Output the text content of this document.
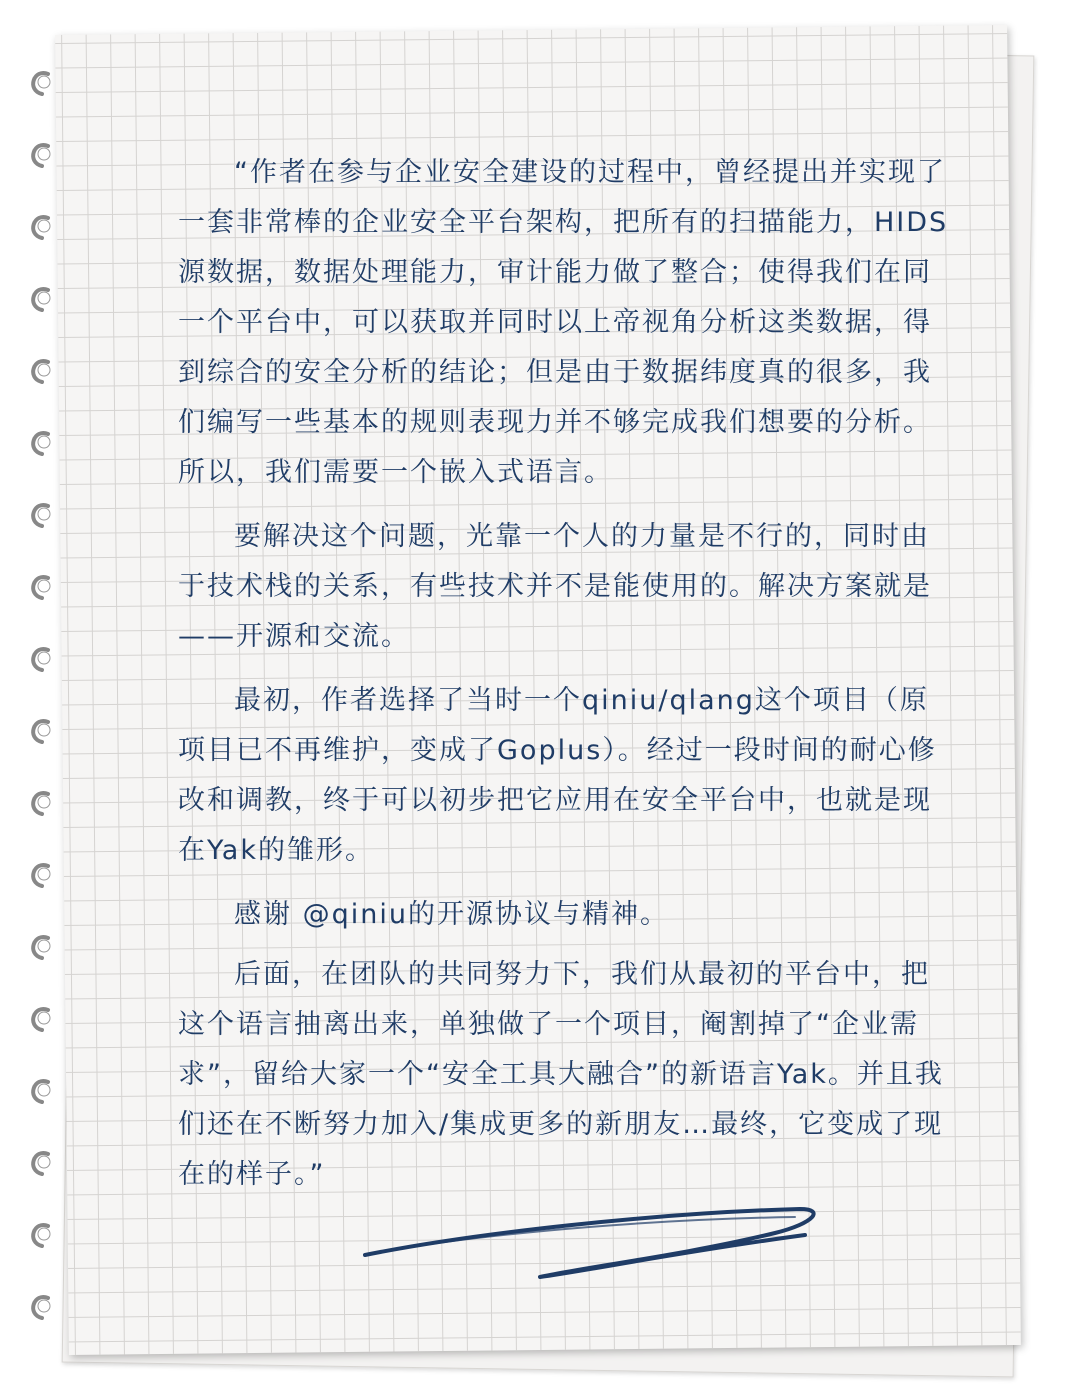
“作者在参与企业安全建设的过程中，曾经提出并实现了一套非常棒的企业安全平台架构，把所有的扫描能力，HIDS 源数据，数据处理能力，审计能力做了整合；使得我们在同一个平台中，可以获取并同时以上帝视角分析这类数据，得到综合的安全分析的结论；但是由于数据纬度真的很多，我们编写一些基本的规则表现力并不够完成我们想要的分析。所以，我们需要一个嵌入式语言。

要解决这个问题，光靠一个人的力量是不行的，同时由于技术栈的关系，有些技术并不是能使用的。解决方案就是——开源和交流。

最初，作者选择了当时一个qiniu/qlang这个项目（原项目已不再维护，变成了Goplus）。经过一段时间的耐心修改和调教，终于可以初步把它应用在安全平台中，也就是现在Yak的雏形。

感谢 @qiniu的开源协议与精神。

后面，在团队的共同努力下，我们从最初的平台中，把这个语言抽离出来，单独做了一个项目，阉割掉了“企业需求”，留给大家一个“安全工具大融合”的新语言Yak。并且我们还在不断努力加入/集成更多的新朋友…最终，它变成了现在的样子。”
